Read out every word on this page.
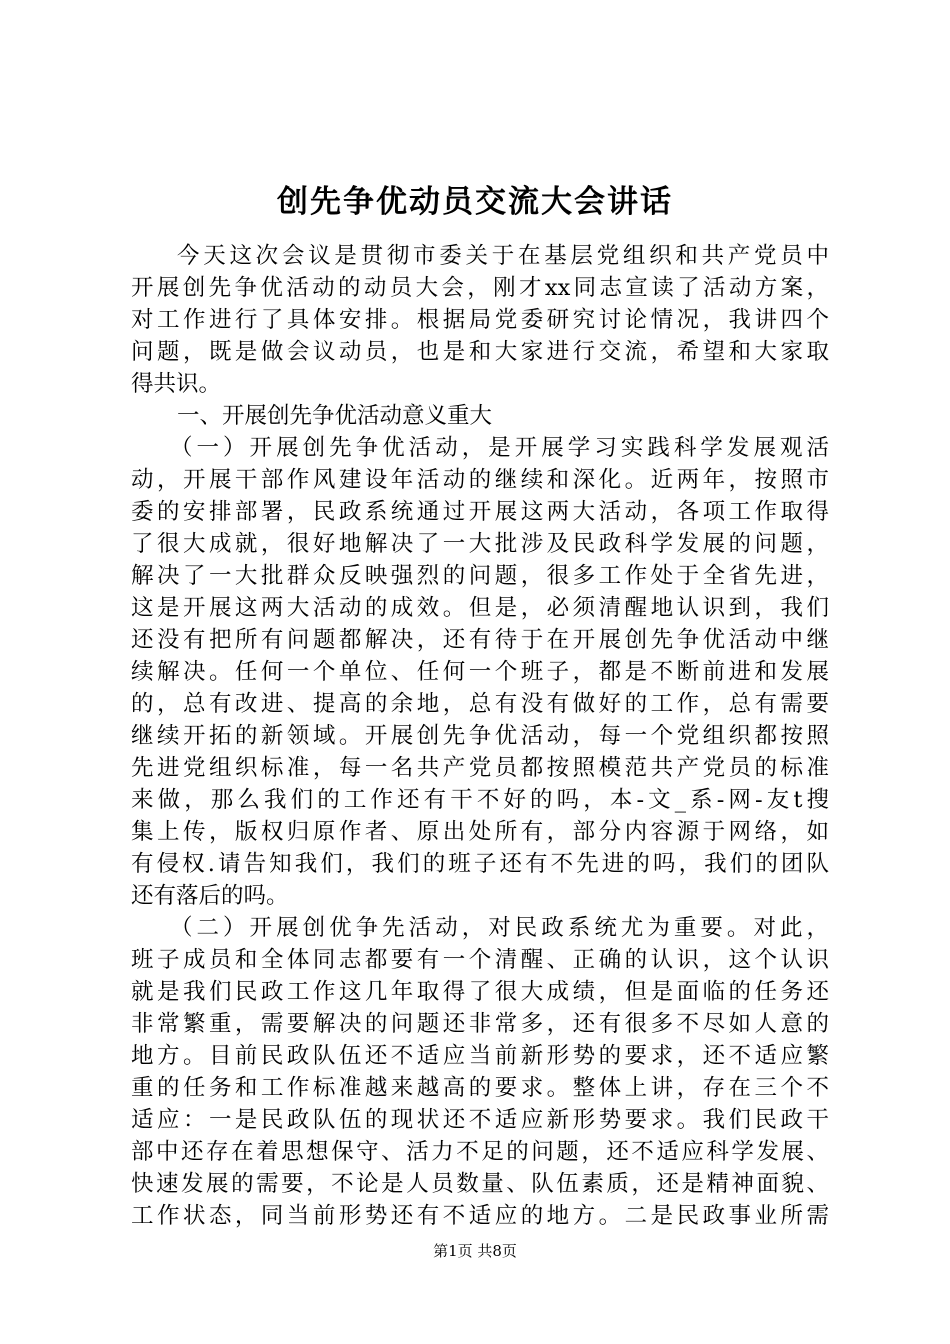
创先争优动员交流大会讲话
今天这次会议是贯彻市委关于在基层党组织和共产党员中
开展创先争优活动的动员大会，刚才xx同志宣读了活动方案，
对工作进行了具体安排。根据局党委研究讨论情况，我讲四个
问题，既是做会议动员，也是和大家进行交流，希望和大家取
得共识。
一、开展创先争优活动意义重大
（一）开展创先争优活动，是开展学习实践科学发展观活
动，开展干部作风建设年活动的继续和深化。近两年，按照市
委的安排部署，民政系统通过开展这两大活动，各项工作取得
了很大成就，很好地解决了一大批涉及民政科学发展的问题，
解决了一大批群众反映强烈的问题，很多工作处于全省先进，
这是开展这两大活动的成效。但是，必须清醒地认识到，我们
还没有把所有问题都解决，还有待于在开展创先争优活动中继
续解决。任何一个单位、任何一个班子，都是不断前进和发展
的，总有改进、提高的余地，总有没有做好的工作，总有需要
继续开拓的新领域。开展创先争优活动，每一个党组织都按照
先进党组织标准，每一名共产党员都按照模范共产党员的标准
来做，那么我们的工作还有干不好的吗，本-文_系-网-友t搜
集上传，版权归原作者、原出处所有，部分内容源于网络，如
有侵权.请告知我们，我们的班子还有不先进的吗，我们的团队
还有落后的吗。
（二）开展创优争先活动，对民政系统尤为重要。对此，
班子成员和全体同志都要有一个清醒、正确的认识，这个认识
就是我们民政工作这几年取得了很大成绩，但是面临的任务还
非常繁重，需要解决的问题还非常多，还有很多不尽如人意的
地方。目前民政队伍还不适应当前新形势的要求，还不适应繁
重的任务和工作标准越来越高的要求。整体上讲，存在三个不
适应：一是民政队伍的现状还不适应新形势要求。我们民政干
部中还存在着思想保守、活力不足的问题，还不适应科学发展、
快速发展的需要，不论是人员数量、队伍素质，还是精神面貌、
工作状态，同当前形势还有不适应的地方。二是民政事业所需
第1页 共8页
